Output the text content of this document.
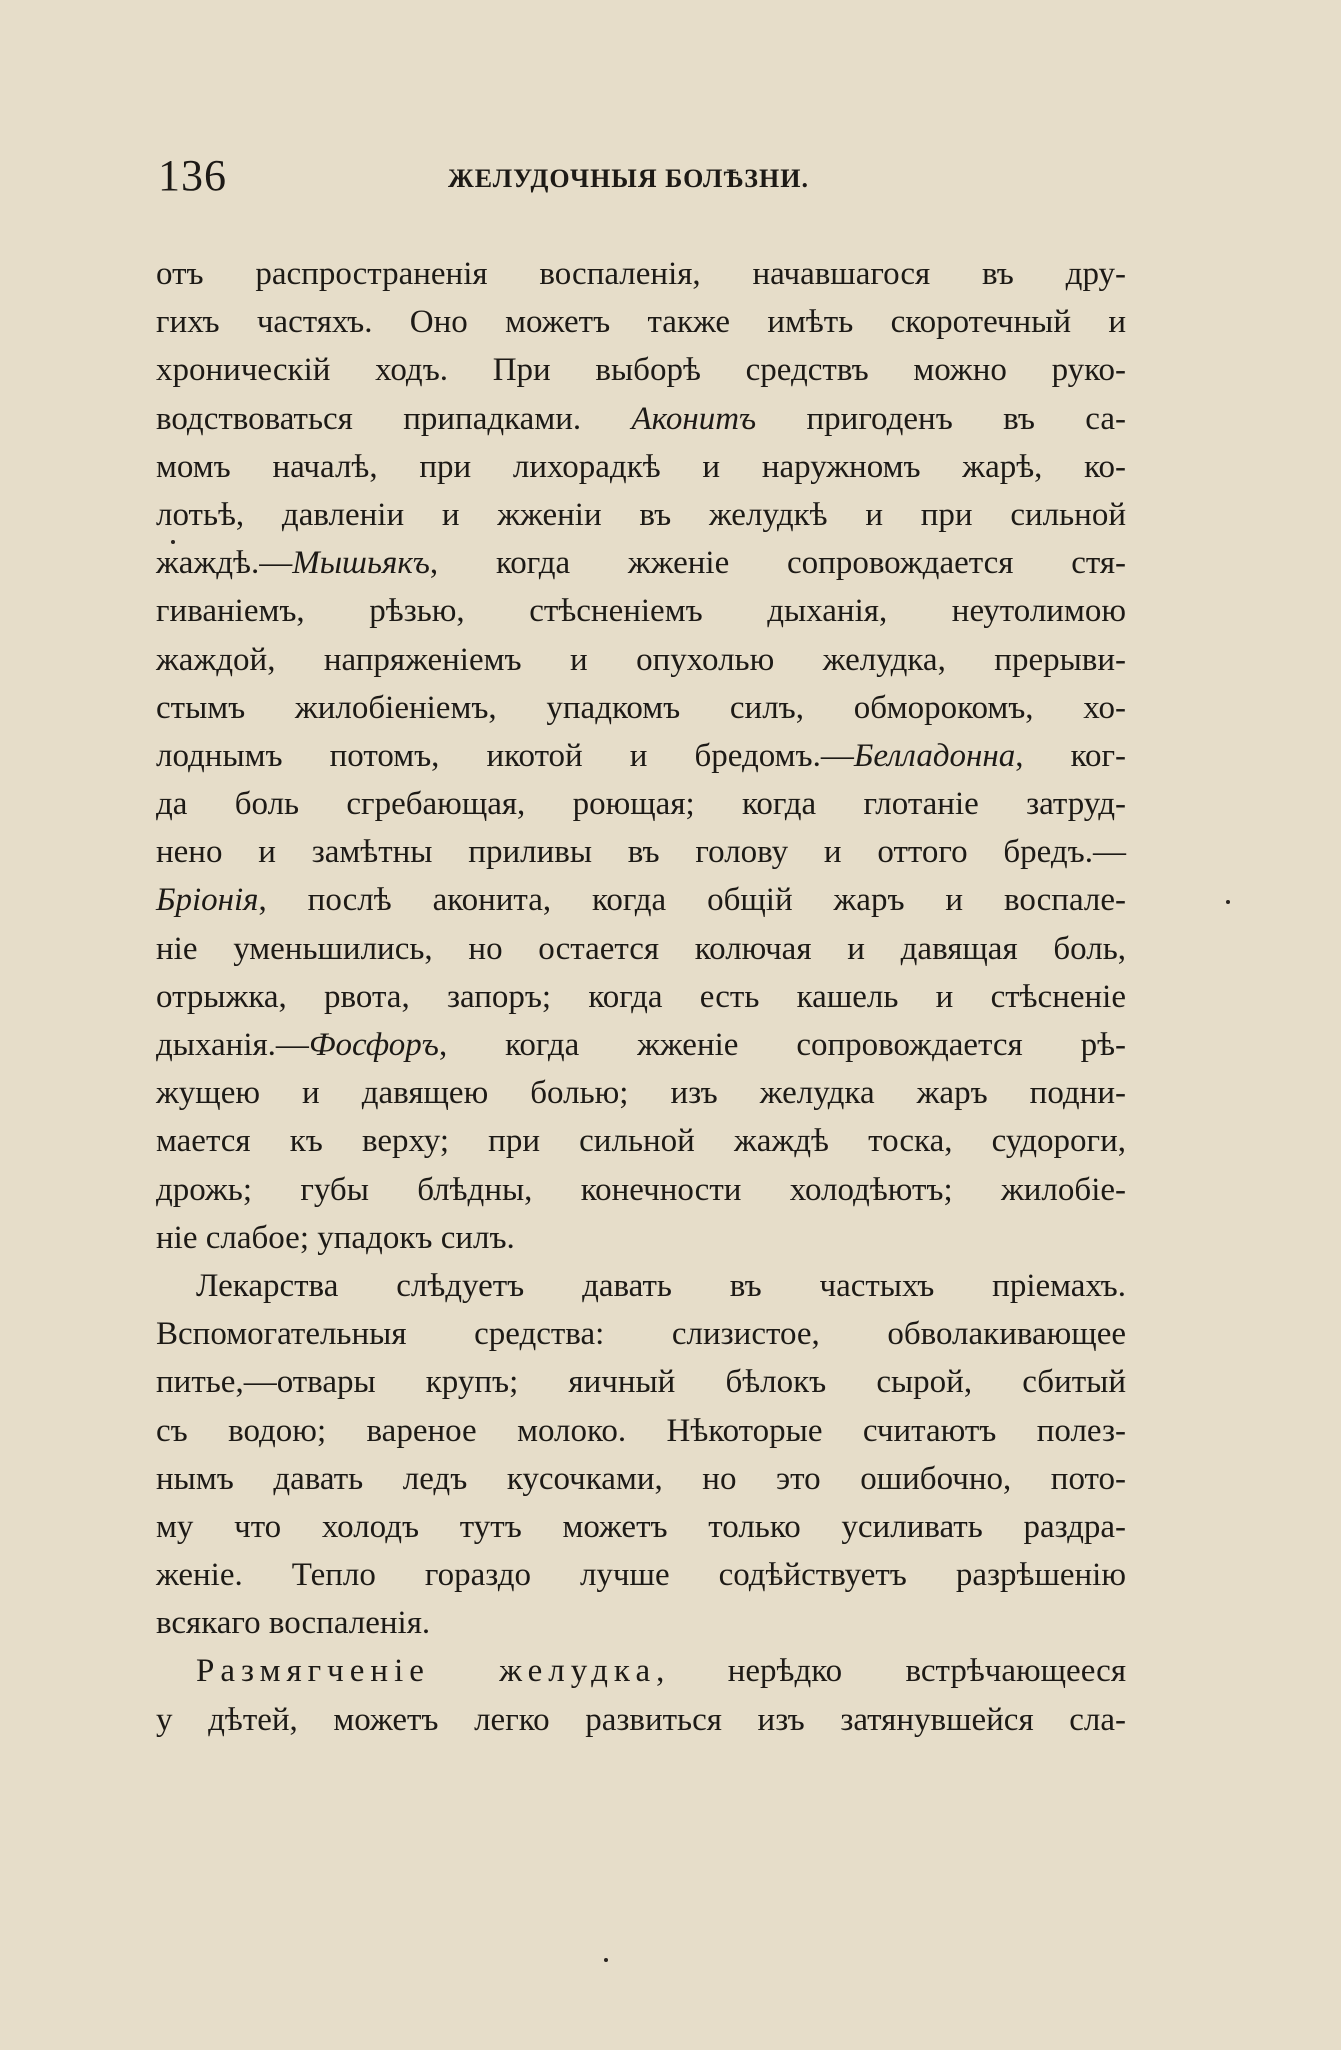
136	ЖЕЛУДОЧНЫЯ БОЛѢЗНИ.
отъ распространенія воспаленія, начавшагося въ дру-
гихъ частяхъ. Оно можетъ также имѣть скоротечный и
хроническій ходъ. При выборѣ средствъ можно руко-
водствоваться припадками. Аконитъ пригоденъ въ са-
момъ началѣ, при лихорадкѣ и наружномъ жарѣ, ко-
лотьѣ, давленіи и жженіи въ желудкѣ и при сильной
жаждѣ.—Мышьякъ, когда жженіе сопровождается стя-
гиваніемъ, рѣзью, стѣсненіемъ дыханія, неутолимою
жаждой, напряженіемъ и опухолью желудка, прерыви-
стымъ жилобіеніемъ, упадкомъ силъ, обморокомъ, хо-
лоднымъ потомъ, икотой и бредомъ.—Белладонна, ког-
да боль сгребающая, роющая; когда глотаніе затруд-
нено и замѣтны приливы въ голову и оттого бредъ.—
Бріонія, послѣ аконита, когда общій жаръ и воспале-
ніе уменьшились, но остается колючая и давящая боль,
отрыжка, рвота, запоръ; когда есть кашель и стѣсненіе
дыханія.—Фосфоръ, когда жженіе сопровождается рѣ-
жущею и давящею болью; изъ желудка жаръ подни-
мается къ верху; при сильной жаждѣ тоска, судороги,
дрожь; губы блѣдны, конечности холодѣютъ; жилобіе-
ніе слабое; упадокъ силъ.
Лекарства слѣдуетъ давать въ частыхъ пріемахъ.
Вспомогательныя средства: слизистое, обволакивающее
питье,—отвары крупъ; яичный бѣлокъ сырой, сбитый
съ водою; вареное молоко. Нѣкоторые считаютъ полез-
нымъ давать ледъ кусочками, но это ошибочно, пото-
му что холодъ тутъ можетъ только усиливать раздра-
женіе. Тепло гораздо лучше содѣйствуетъ разрѣшенію
всякаго воспаленія.
Размягченіе желудка, нерѣдко встрѣчающееся
у дѣтей, можетъ легко развиться изъ затянувшейся сла-
